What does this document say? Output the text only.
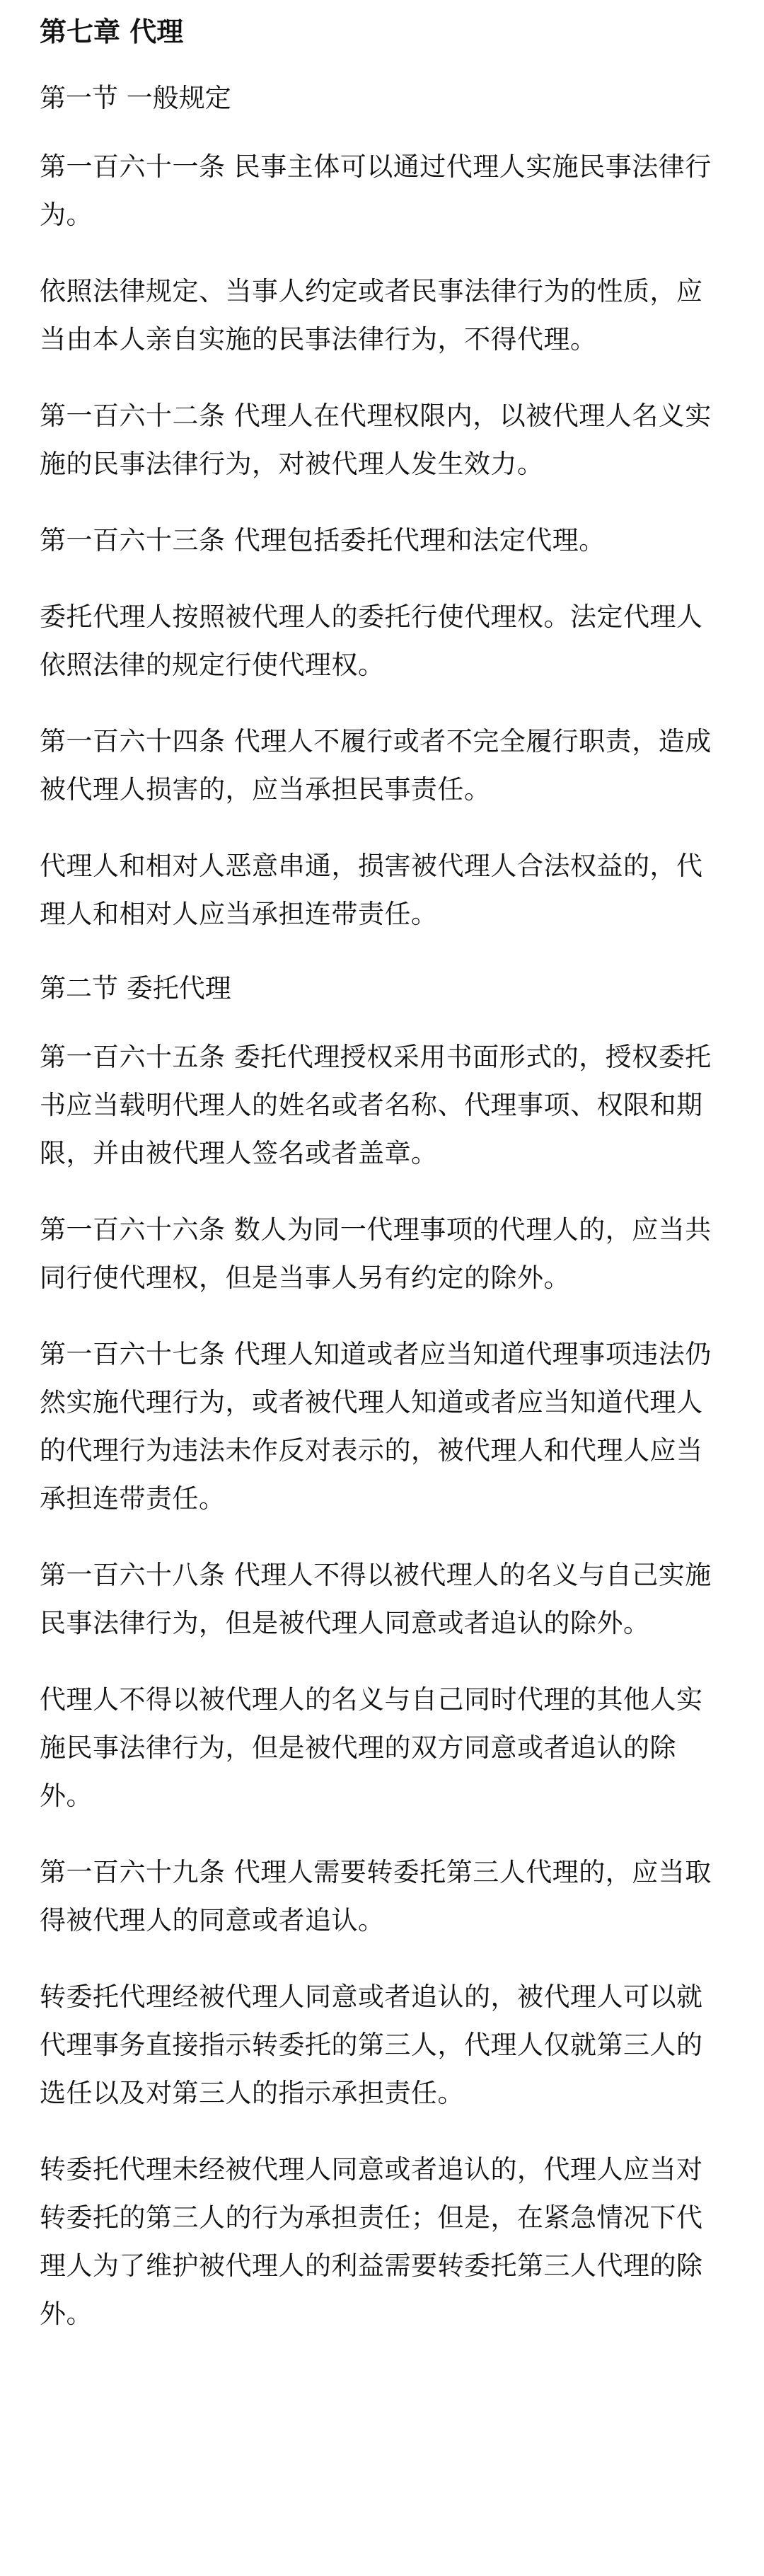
第七章 代理
第一节 一般规定

第一百六十一条 民事主体可以通过代理人实施民事法律行为。

依照法律规定、当事人约定或者民事法律行为的性质，应当由本人亲自实施的民事法律行为，不得代理。

第一百六十二条 代理人在代理权限内，以被代理人名义实施的民事法律行为，对被代理人发生效力。

第一百六十三条 代理包括委托代理和法定代理。

委托代理人按照被代理人的委托行使代理权。法定代理人依照法律的规定行使代理权。

第一百六十四条 代理人不履行或者不完全履行职责，造成被代理人损害的，应当承担民事责任。

代理人和相对人恶意串通，损害被代理人合法权益的，代理人和相对人应当承担连带责任。

第二节 委托代理

第一百六十五条 委托代理授权采用书面形式的，授权委托书应当载明代理人的姓名或者名称、代理事项、权限和期限，并由被代理人签名或者盖章。

第一百六十六条 数人为同一代理事项的代理人的，应当共同行使代理权，但是当事人另有约定的除外。

第一百六十七条 代理人知道或者应当知道代理事项违法仍然实施代理行为，或者被代理人知道或者应当知道代理人的代理行为违法未作反对表示的，被代理人和代理人应当承担连带责任。

第一百六十八条 代理人不得以被代理人的名义与自己实施民事法律行为，但是被代理人同意或者追认的除外。

代理人不得以被代理人的名义与自己同时代理的其他人实施民事法律行为，但是被代理的双方同意或者追认的除外。

第一百六十九条 代理人需要转委托第三人代理的，应当取得被代理人的同意或者追认。

转委托代理经被代理人同意或者追认的，被代理人可以就代理事务直接指示转委托的第三人，代理人仅就第三人的选任以及对第三人的指示承担责任。

转委托代理未经被代理人同意或者追认的，代理人应当对转委托的第三人的行为承担责任；但是，在紧急情况下代理人为了维护被代理人的利益需要转委托第三人代理的除外。
